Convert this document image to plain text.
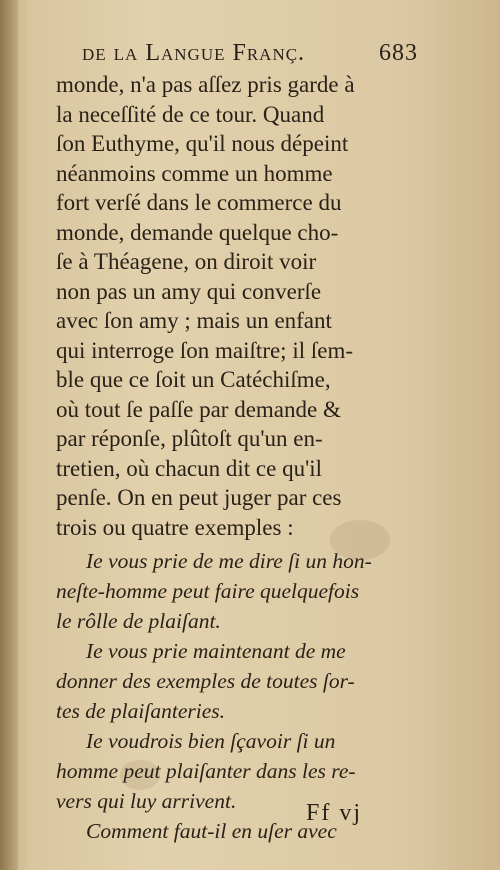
de la Langue Franç.	683
monde, n'a pas aſſez pris garde à
la neceſſité de ce tour. Quand
ſon Euthyme, qu'il nous dépeint
néanmoins comme un homme
fort verſé dans le commerce du
monde, demande quelque cho-
ſe à Théagene, on diroit voir
non pas un amy qui converſe
avec ſon amy ; mais un enfant
qui interroge ſon maiſtre; il ſem-
ble que ce ſoit un Catéchiſme,
où tout ſe paſſe par demande &
par réponſe, plûtoſt qu'un en-
tretien, où chacun dit ce qu'il
penſe. On en peut juger par ces
trois ou quatre exemples :
Ie vous prie de me dire ſi un hon-
neſte-homme peut faire quelquefois
le rôlle de plaiſant.
Ie vous prie maintenant de me
donner des exemples de toutes ſor-
tes de plaiſanteries.
Ie voudrois bien ſçavoir ſi un
homme peut plaiſanter dans les re-
vers qui luy arrivent.
Comment faut-il en uſer avec
Ff vj
